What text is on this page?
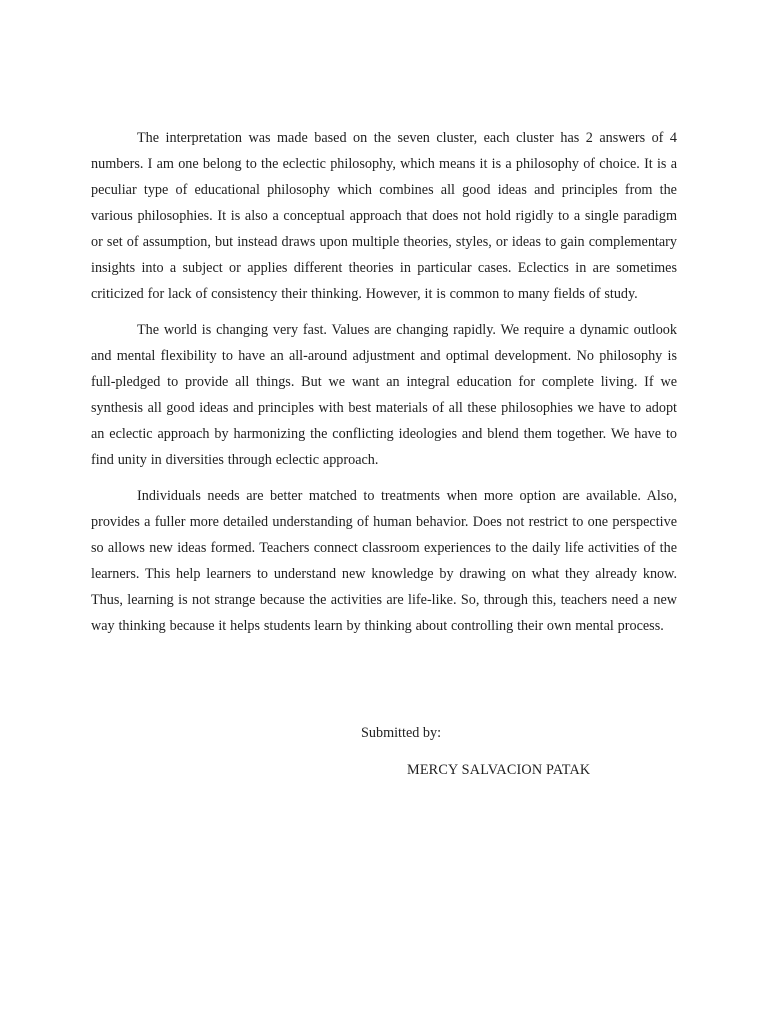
The interpretation was made based on the seven cluster, each cluster has 2 answers of 4 numbers. I am one belong to the eclectic philosophy, which means it is a philosophy of choice. It is a peculiar type of educational philosophy which combines all good ideas and principles from the various philosophies. It is also a conceptual approach that does not hold rigidly to a single paradigm or set of assumption, but instead draws upon multiple theories, styles, or ideas to gain complementary insights into a subject or applies different theories in particular cases. Eclectics in are sometimes criticized for lack of consistency their thinking. However, it is common to many fields of study.

The world is changing very fast. Values are changing rapidly. We require a dynamic outlook and mental flexibility to have an all-around adjustment and optimal development. No philosophy is full-pledged to provide all things. But we want an integral education for complete living. If we synthesis all good ideas and principles with best materials of all these philosophies we have to adopt an eclectic approach by harmonizing the conflicting ideologies and blend them together. We have to find unity in diversities through eclectic approach.

Individuals needs are better matched to treatments when more option are available. Also, provides a fuller more detailed understanding of human behavior. Does not restrict to one perspective so allows new ideas formed. Teachers connect classroom experiences to the daily life activities of the learners. This help learners to understand new knowledge by drawing on what they already know. Thus, learning is not strange because the activities are life-like. So, through this, teachers need a new way thinking because it helps students learn by thinking about controlling their own mental process.

Submitted by:
MERCY SALVACION PATAK
